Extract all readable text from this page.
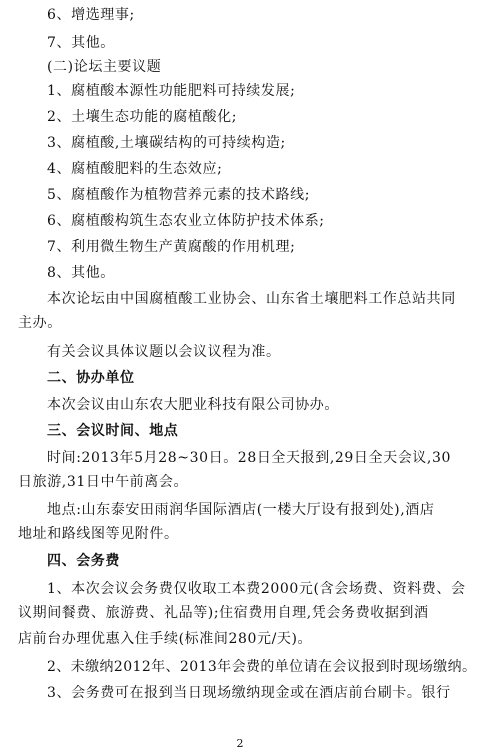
6、增选理事;
7、其他。
(二)论坛主要议题
1、腐植酸本源性功能肥料可持续发展;
2、土壤生态功能的腐植酸化;
3、腐植酸,土壤碳结构的可持续构造;
4、腐植酸肥料的生态效应;
5、腐植酸作为植物营养元素的技术路线;
6、腐植酸构筑生态农业立体防护技术体系;
7、利用微生物生产黄腐酸的作用机理;
8、其他。
本次论坛由中国腐植酸工业协会、山东省土壤肥料工作总站共同
主办。
有关会议具体议题以会议议程为准。
二、协办单位
本次会议由山东农大肥业科技有限公司协办。
三、会议时间、地点
时间:2013年5月28~30日。28日全天报到,29日全天会议,30
日旅游,31日中午前离会。
地点:山东泰安田雨润华国际酒店(一楼大厅设有报到处),酒店
地址和路线图等见附件。
四、会务费
1、本次会议会务费仅收取工本费2000元(含会场费、资料费、会
议期间餐费、旅游费、礼品等);住宿费用自理,凭会务费收据到酒
店前台办理优惠入住手续(标准间280元/天)。
2、未缴纳2012年、2013年会费的单位请在会议报到时现场缴纳。
3、会务费可在报到当日现场缴纳现金或在酒店前台刷卡。银行
2
